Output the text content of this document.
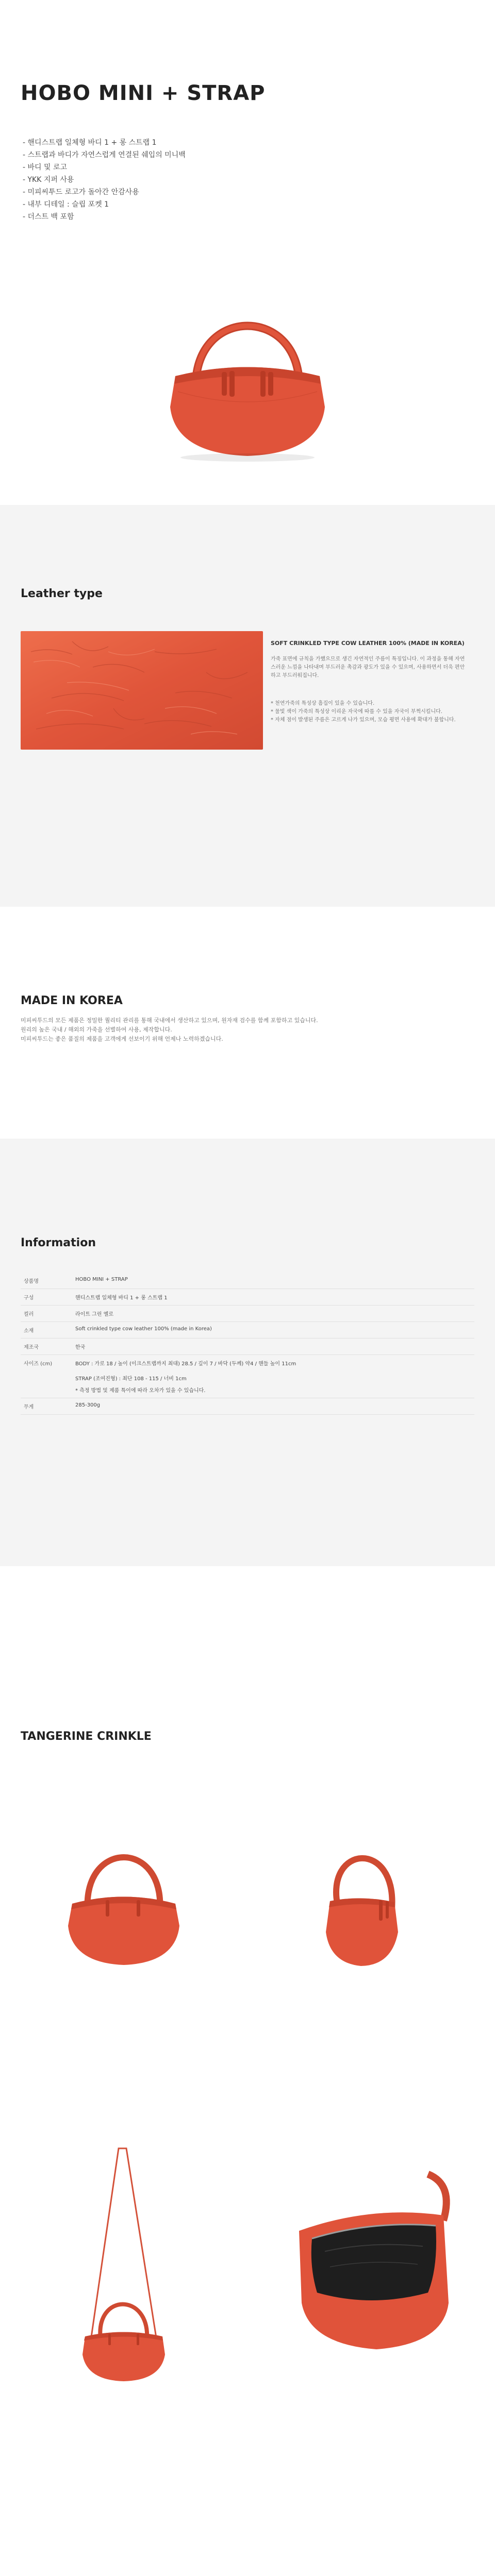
HOBO MINI + STRAP
- 핸디스트랩 일체형 바디 1 + 롱 스트랩 1
- 스트랩과 바디가 자연스럽게 연결된 쉐입의 미니백
- 바디 및 로고
- YKK 지퍼 사용
- 미피씨투드 로고가 돌아간 안감사용
- 내부 디테일 : 슬립 포켓 1
- 더스트 백 포함
Leather type
SOFT CRINKLED TYPE COW LEATHER 100% (MADE IN KOREA)

가죽 표면에 규칙을 가했으므로 생긴 자연적인 주름이 특징입니다. 이 과정을 통해 자연스러운 느낌을 나타내며 부드러운 촉감과 광도가 있을 수 있으며, 사용하면서 더욱 편안하고 부드러워집니다.

* 천연가죽의 특성상 흠집이 있을 수 있습니다.

* 물빛 색이 가죽의 특성상 이리운 자국에 따를 수 있을 자국이 부쩍시킬니다.

* 자체 점이 발생된 주름은 고르게 나가 있으며, 모습 평면 사용에 확대가 불합니다.

MADE IN KOREA

미피씨투드의 모든 제품은 정밀한 퀄리티 관리를 통해 국내에서 생산하고 있으며, 원자재 검수를 함께 포함하고 있습니다.

원리의 높은 국내 / 해외의 가죽을 선별하여 사용, 제작합니다.

미피씨투드는 좋은 품질의 제품을 고객에게 선보이기 위해 언제나 노력하겠습니다.

Information
상품명	HOBO MINI + STRAP
구성	핸디스트랩 일체형 바디 1 + 롱 스트랩 1
컬러	라이트 그린 옐로
소재	Soft crinkled type cow leather 100% (made in Korea)
제조국	한국
사이즈 (cm)	BODY : 가로 18 / 높이 (이크스트랩까지 최대) 28.5 / 깊이 7 / 바닥 (두께) 약4 / 핸들 높이 11cm

STRAP (조여진형) : 최단 108 - 115 / 너비 1cm

* 측정 방법 및 제품 특이에 따라 오차가 있을 수 있습니다.

무게	285-300g
TANGERINE CRINKLE
